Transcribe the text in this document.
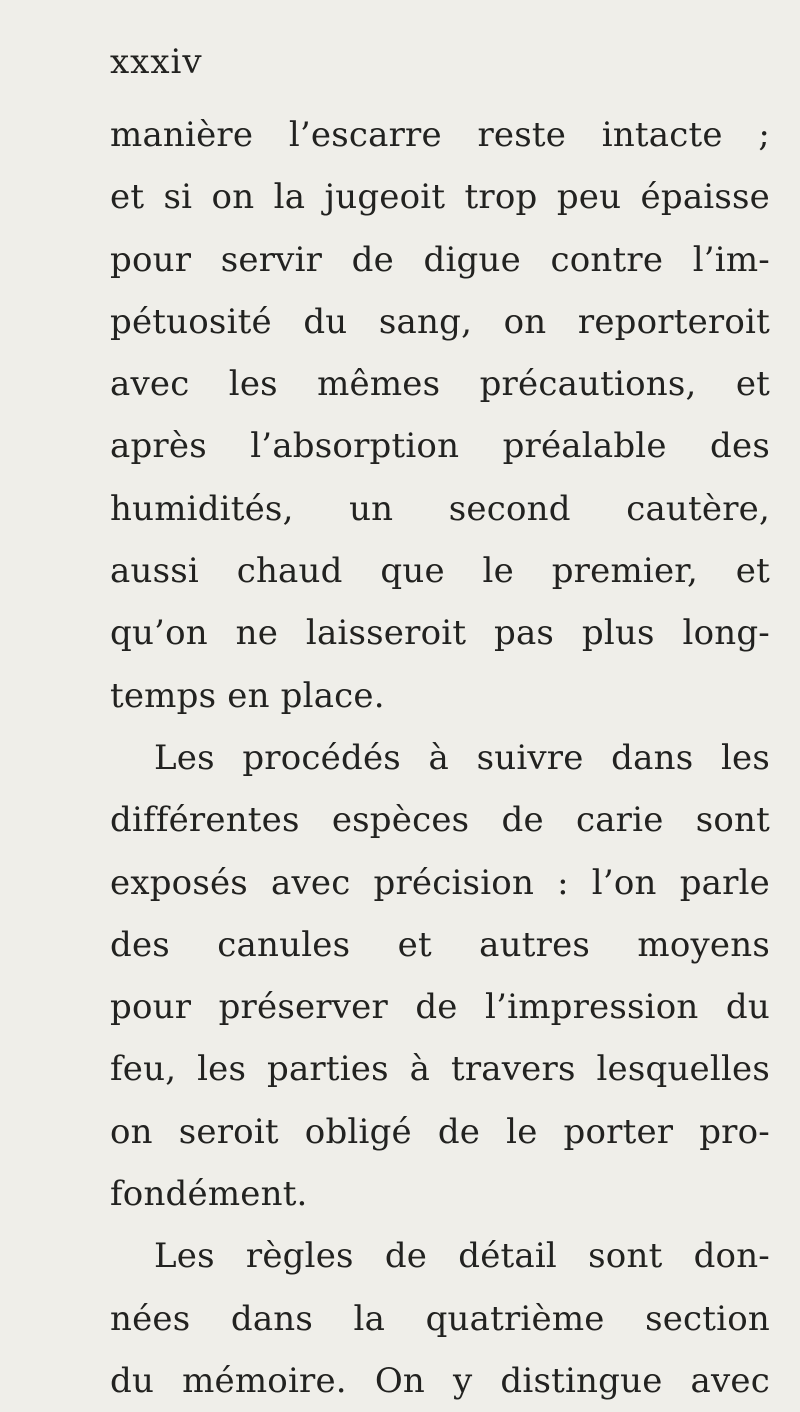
xxxiv
manière l’escarre reste intacte ;
et si on la jugeoit trop peu épaisse
pour servir de digue contre l’im-
pétuosité du sang, on reporteroit
avec les mêmes précautions, et
après l’absorption préalable des
humidités, un second cautère,
aussi chaud que le premier, et
qu’on ne laisseroit pas plus long-
temps en place.
Les procédés à suivre dans les
différentes espèces de carie sont
exposés avec précision : l’on parle
des canules et autres moyens
pour préserver de l’impression du
feu, les parties à travers lesquelles
on seroit obligé de le porter pro-
fondément.
Les règles de détail sont don-
nées dans la quatrième section
du mémoire. On y distingue avec
